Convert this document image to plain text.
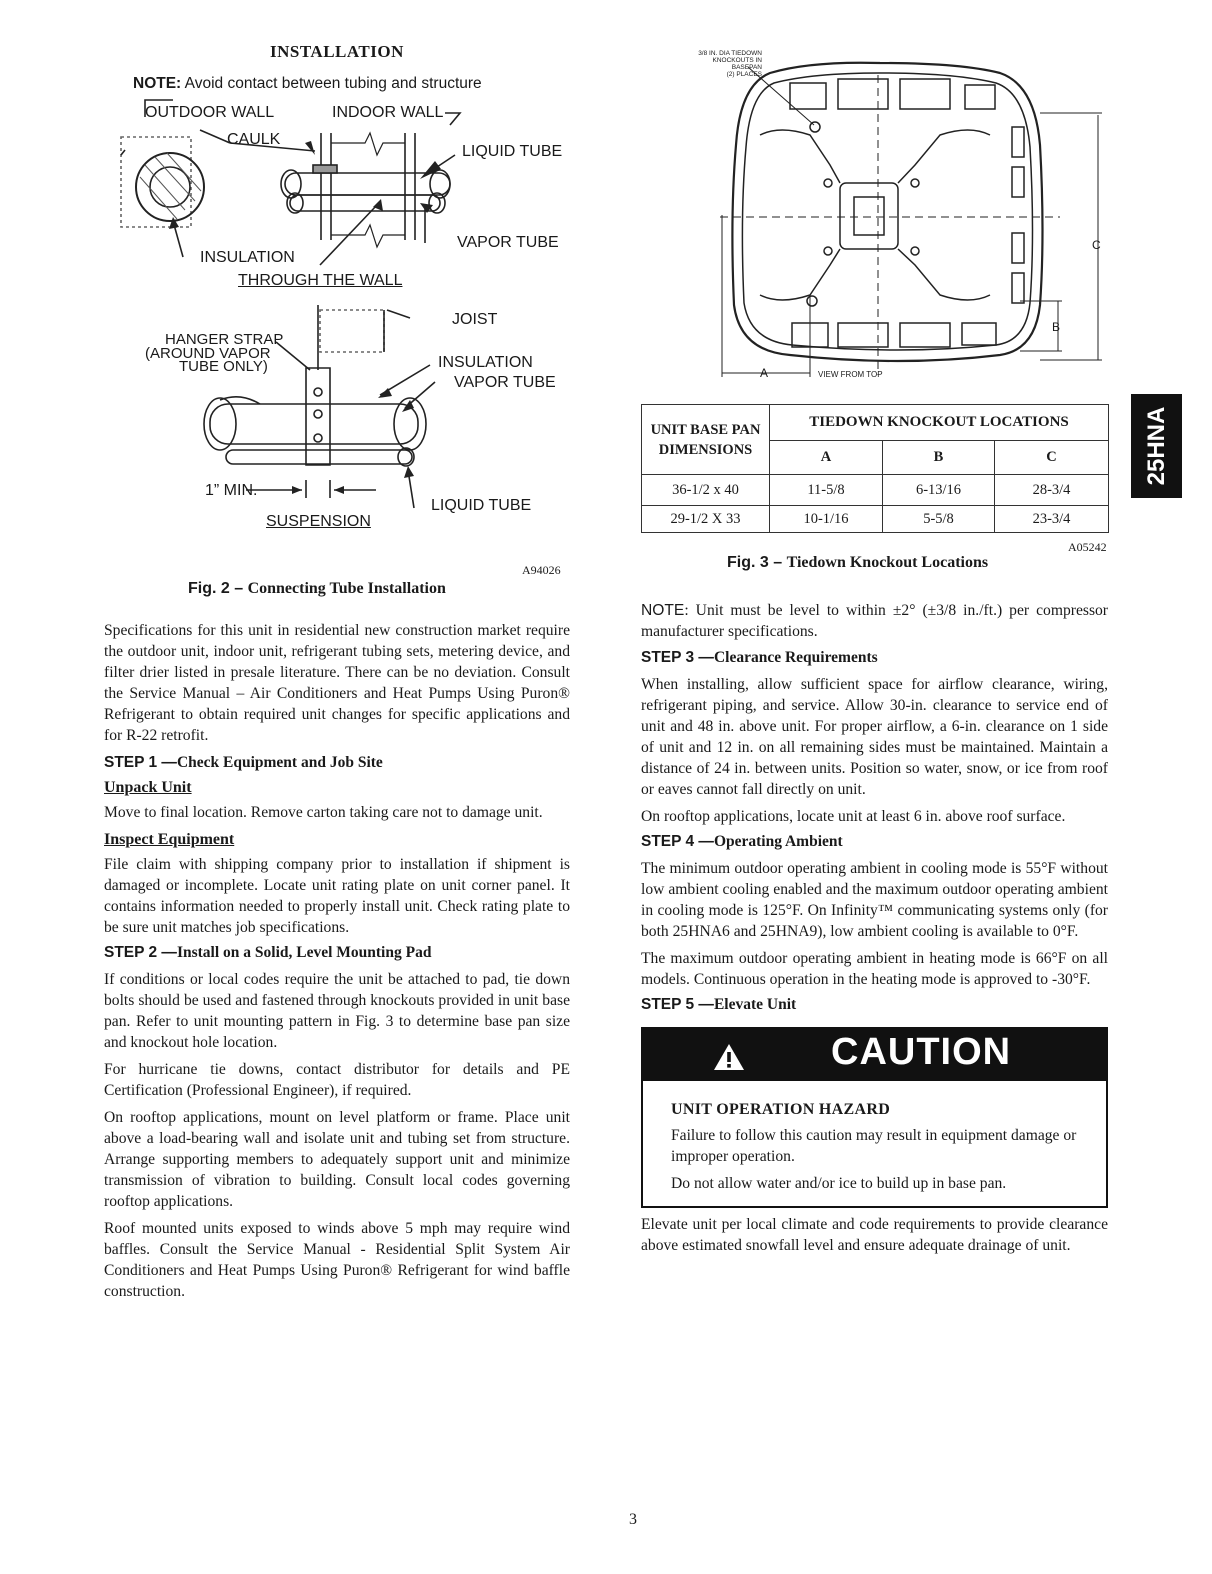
INSTALLATION
NOTE: Avoid contact between tubing and structure
OUTDOOR WALL	INDOOR WALL
CAULK
LIQUID TUBE
VAPOR TUBE
INSULATION
THROUGH THE WALL
JOIST
HANGER STRAP
(AROUND VAPOR
TUBE ONLY)	INSULATION
VAPOR TUBE
1” MIN.
LIQUID TUBE
SUSPENSION
A94026
Fig. 2 – Connecting Tube Installation
3/8 IN. DIA TIEDOWN
KNOCKOUTS IN BASEPAN
(2) PLACES
A
B
C
VIEW FROM TOP
UNIT BASE PAN
DIMENSIONS	TIEDOWN KNOCKOUT LOCATIONS		
	A	B	C
36-1/2 x 40	11-5/8	6-13/16	28-3/4
29-1/2 X 33	10-1/16	5-5/8	23-3/4
A05242
Fig. 3 – Tiedown Knockout Locations
25HNA

Specifications for this unit in residential new construction market require the outdoor unit, indoor unit, refrigerant tubing sets, metering device, and filter drier listed in presale literature. There can be no deviation. Consult the Service Manual – Air Conditioners and Heat Pumps Using Puron® Refrigerant to obtain required unit changes for specific applications and for R-22 retrofit.

STEP 1 —Check Equipment and Job Site
Unpack Unit

Move to final location. Remove carton taking care not to damage unit.

Inspect Equipment

File claim with shipping company prior to installation if shipment is damaged or incomplete. Locate unit rating plate on unit corner panel. It contains information needed to properly install unit. Check rating plate to be sure unit matches job specifications.

STEP 2 —Install on a Solid, Level Mounting Pad

If conditions or local codes require the unit be attached to pad, tie down bolts should be used and fastened through knockouts provided in unit base pan. Refer to unit mounting pattern in Fig. 3 to determine base pan size and knockout hole location.

For hurricane tie downs, contact distributor for details and PE Certification (Professional Engineer), if required.

On rooftop applications, mount on level platform or frame. Place unit above a load-bearing wall and isolate unit and tubing set from structure. Arrange supporting members to adequately support unit and minimize transmission of vibration to building. Consult local codes governing rooftop applications.

Roof mounted units exposed to winds above 5 mph may require wind baffles. Consult the Service Manual - Residential Split System Air Conditioners and Heat Pumps Using Puron® Refrigerant for wind baffle construction.

NOTE: Unit must be level to within ±2° (±3/8 in./ft.) per compressor manufacturer specifications.

STEP 3 —Clearance Requirements

When installing, allow sufficient space for airflow clearance, wiring, refrigerant piping, and service. Allow 30-in. clearance to service end of unit and 48 in. above unit. For proper airflow, a 6-in. clearance on 1 side of unit and 12 in. on all remaining sides must be maintained. Maintain a distance of 24 in. between units. Position so water, snow, or ice from roof or eaves cannot fall directly on unit.

On rooftop applications, locate unit at least 6 in. above roof surface.

STEP 4 —Operating Ambient

The minimum outdoor operating ambient in cooling mode is 55°F without low ambient cooling enabled and the maximum outdoor operating ambient in cooling mode is 125°F. On Infinity™ communicating systems only (for both 25HNA6 and 25HNA9), low ambient cooling is available to 0°F.

The maximum outdoor operating ambient in heating mode is 66°F on all models. Continuous operation in the heating mode is approved to -30°F.

STEP 5 —Elevate Unit
CAUTION
UNIT OPERATION HAZARD

Failure to follow this caution may result in equipment damage or improper operation.

Do not allow water and/or ice to build up in base pan.

Elevate unit per local climate and code requirements to provide clearance above estimated snowfall level and ensure adequate drainage of unit.

3
